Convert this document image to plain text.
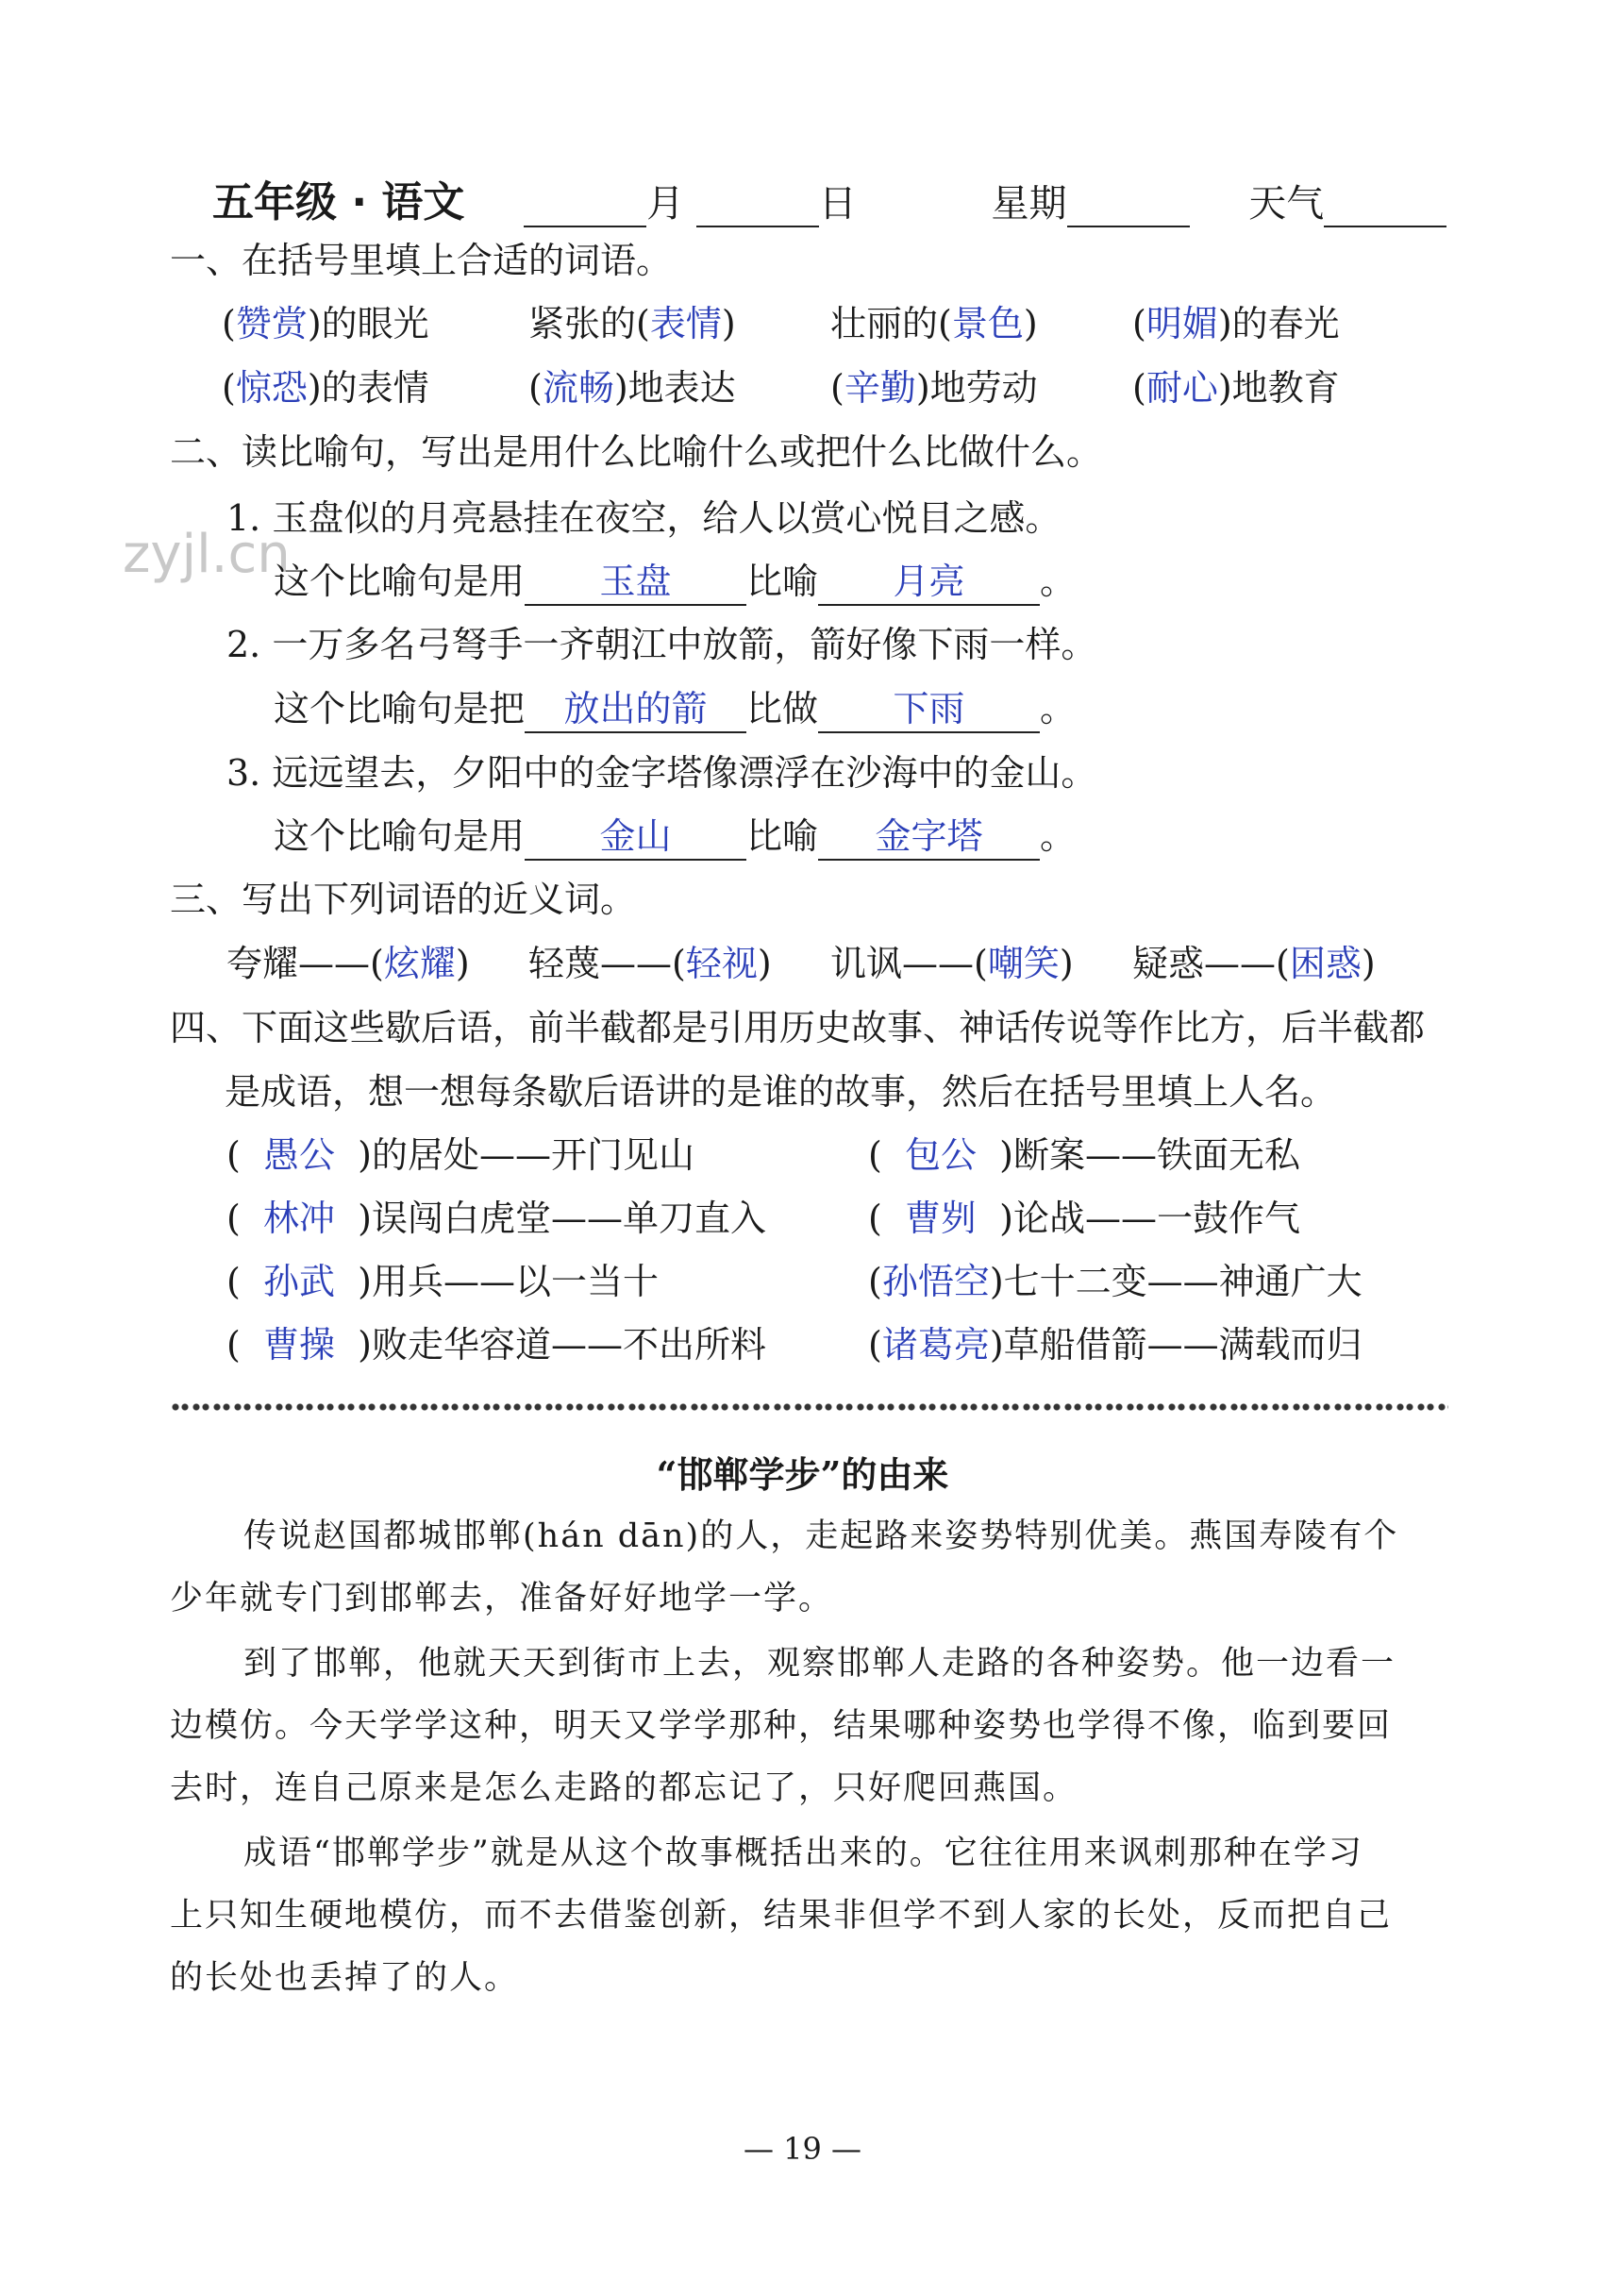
五年级 · 语文	月	日	星期	天气
zyjl.cn
一、在括号里填上合适的词语。
(赞赏)的眼光	紧张的(表情)	壮丽的(景色)	(明媚)的春光
(惊恐)的表情	(流畅)地表达	(辛勤)地劳动	(耐心)地教育
二、读比喻句，写出是用什么比喻什么或把什么比做什么。
1. 玉盘似的月亮悬挂在夜空，给人以赏心悦目之感。
这个比喻句是用 玉盘 比喻 月亮 。
2. 一万多名弓弩手一齐朝江中放箭，箭好像下雨一样。
这个比喻句是把 放出的箭 比做 下雨 。
3. 远远望去，夕阳中的金字塔像漂浮在沙海中的金山。
这个比喻句是用 金山 比喻 金字塔 。
三、写出下列词语的近义词。
夸耀——(炫耀) 轻蔑——(轻视) 讥讽——(嘲笑) 疑惑——(困惑)
四、下面这些歇后语，前半截都是引用历史故事、神话传说等作比方，后半截都
是成语，想一想每条歇后语讲的是谁的故事，然后在括号里填上人名。
(  愚公 )的居处——开门见山	(  包公 )断案——铁面无私
(  林冲 )误闯白虎堂——单刀直入	(  曹刿 )论战——一鼓作气
(  孙武 )用兵——以一当十	(孙悟空)七十二变——神通广大
(  曹操 )败走华容道——不出所料	(诸葛亮)草船借箭——满载而归
“邯郸学步”的由来
传说赵国都城邯郸(hán dān)的人，走起路来姿势特别优美。燕国寿陵有个
少年就专门到邯郸去，准备好好地学一学。
到了邯郸，他就天天到街市上去，观察邯郸人走路的各种姿势。他一边看一
边模仿。今天学学这种，明天又学学那种，结果哪种姿势也学得不像，临到要回
去时，连自己原来是怎么走路的都忘记了，只好爬回燕国。
成语“邯郸学步”就是从这个故事概括出来的。它往往用来讽刺那种在学习
上只知生硬地模仿，而不去借鉴创新，结果非但学不到人家的长处，反而把自己
的长处也丢掉了的人。
— 19 —
